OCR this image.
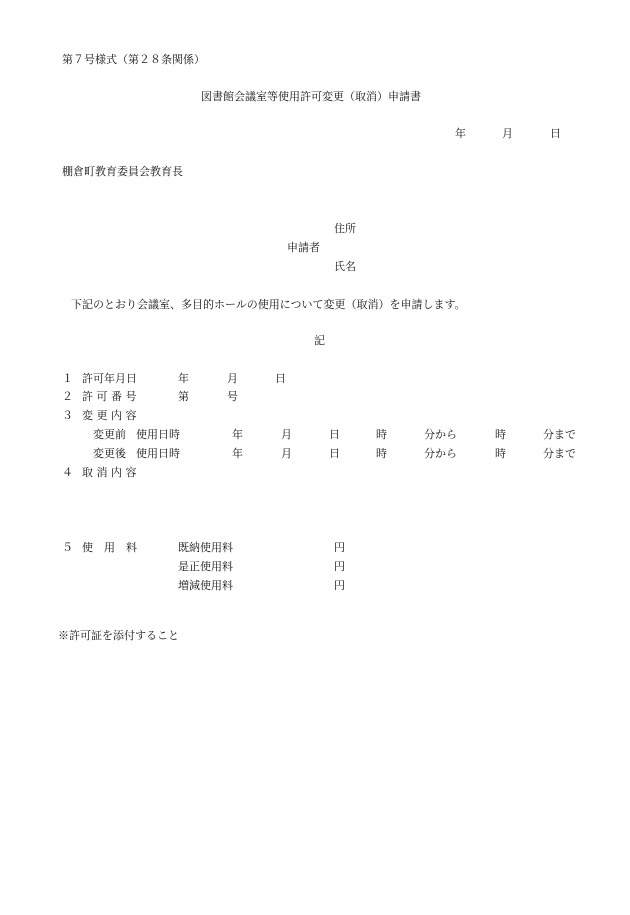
第７号様式（第２８条関係）
図書館会議室等使用許可変更（取消）申請書
年	月	日
棚倉町教育委員会教育長
住所
申請者
氏名
下記のとおり会議室、多目的ホールの使用について変更（取消）を申請します。
記
１ 許可年月日	年	月	日
２ 許 可 番 号	第	号
３ 変 更 内 容
変更前 使用日時	年	月	日	時	分から	時	分まで
変更後 使用日時	年	月	日	時	分から	時	分まで
４ 取 消 内 容
５ 使　用　料	既納使用料	円
是正使用料	円
増減使用料	円
※許可証を添付すること
